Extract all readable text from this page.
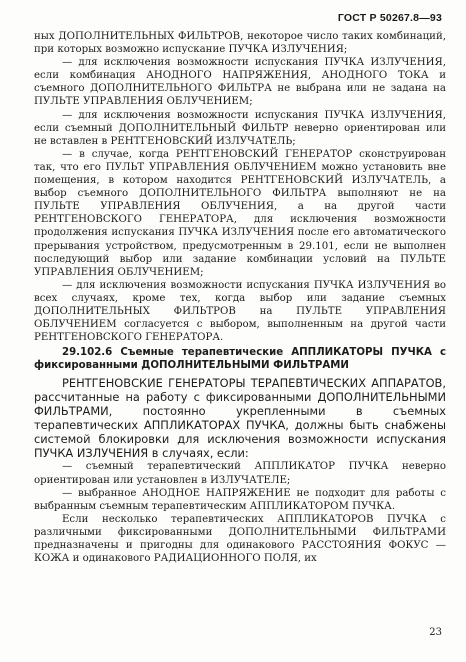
ГОСТ Р 50267.8—93

ных ДОПОЛНИТЕЛЬНЫХ ФИЛЬТРОВ, некоторое число таких комбинаций, при которых возможно испускание ПУЧКА ИЗЛУЧЕНИЯ;

— для исключения возможности испускания ПУЧКА ИЗЛУЧЕНИЯ, если комбинация АНОДНОГО НАПРЯЖЕНИЯ, АНОДНОГО ТОКА и съемного ДОПОЛНИТЕЛЬНОГО ФИЛЬТРА не выбрана или не задана на ПУЛЬТЕ УПРАВЛЕНИЯ ОБЛУЧЕНИЕМ;

— для исключения возможности испускания ПУЧКА ИЗЛУЧЕНИЯ, если съемный ДОПОЛНИТЕЛЬНЫЙ ФИЛЬТР неверно ориентирован или не вставлен в РЕНТГЕНОВСКИЙ ИЗЛУЧАТЕЛЬ;

— в случае, когда РЕНТГЕНОВСКИЙ ГЕНЕРАТОР сконструирован так, что его ПУЛЬТ УПРАВЛЕНИЯ ОБЛУЧЕНИЕМ можно установить вне помещения, в котором находится РЕНТГЕНОВСКИЙ ИЗЛУЧАТЕЛЬ, а выбор съемного ДОПОЛНИТЕЛЬНОГО ФИЛЬТРА выполняют не на ПУЛЬТЕ УПРАВЛЕНИЯ ОБЛУЧЕНИЯ, а на другой части РЕНТГЕНОВСКОГО ГЕНЕРАТОРА, для исключения возможности продолжения испускания ПУЧКА ИЗЛУЧЕНИЯ после его автоматического прерывания устройством, предусмотренным в 29.101, если не выполнен последующий выбор или задание комбинации условий на ПУЛЬТЕ УПРАВЛЕНИЯ ОБЛУЧЕНИЕМ;

— для исключения возможности испускания ПУЧКА ИЗЛУЧЕНИЯ во всех случаях, кроме тех, когда выбор или задание съемных ДОПОЛНИТЕЛЬНЫХ ФИЛЬТРОВ на ПУЛЬТЕ УПРАВЛЕНИЯ ОБЛУЧЕНИЕМ согласуется с выбором, выполненным на другой части РЕНТГЕНОВСКОГО ГЕНЕРАТОРА.

29.102.6 Съемные терапевтические АППЛИКАТОРЫ ПУЧКА с фиксированными ДОПОЛНИТЕЛЬНЫМИ ФИЛЬТРАМИ

РЕНТГЕНОВСКИЕ ГЕНЕРАТОРЫ ТЕРАПЕВТИЧЕСКИХ АППАРАТОВ, рассчитанные на работу с фиксированными ДОПОЛНИТЕЛЬНЫМИ ФИЛЬТРАМИ, постоянно укрепленными в съемных терапевтических АППЛИКАТОРАХ ПУЧКА, должны быть снабжены системой блокировки для исключения возможности испускания ПУЧКА ИЗЛУЧЕНИЯ в случаях, если:

— съемный терапевтический АППЛИКАТОР ПУЧКА неверно ориентирован или установлен в ИЗЛУЧАТЕЛЕ;

— выбранное АНОДНОЕ НАПРЯЖЕНИЕ не подходит для работы с выбранным съемным терапевтическим АППЛИКАТОРОМ ПУЧКА.

Если несколько терапевтических АППЛИКАТОРОВ ПУЧКА с различными фиксированными ДОПОЛНИТЕЛЬНЫМИ ФИЛЬТРАМИ предназначены и пригодны для одинакового РАССТОЯНИЯ ФОКУС — КОЖА и одинакового РАДИАЦИОННОГО ПОЛЯ, их

23
